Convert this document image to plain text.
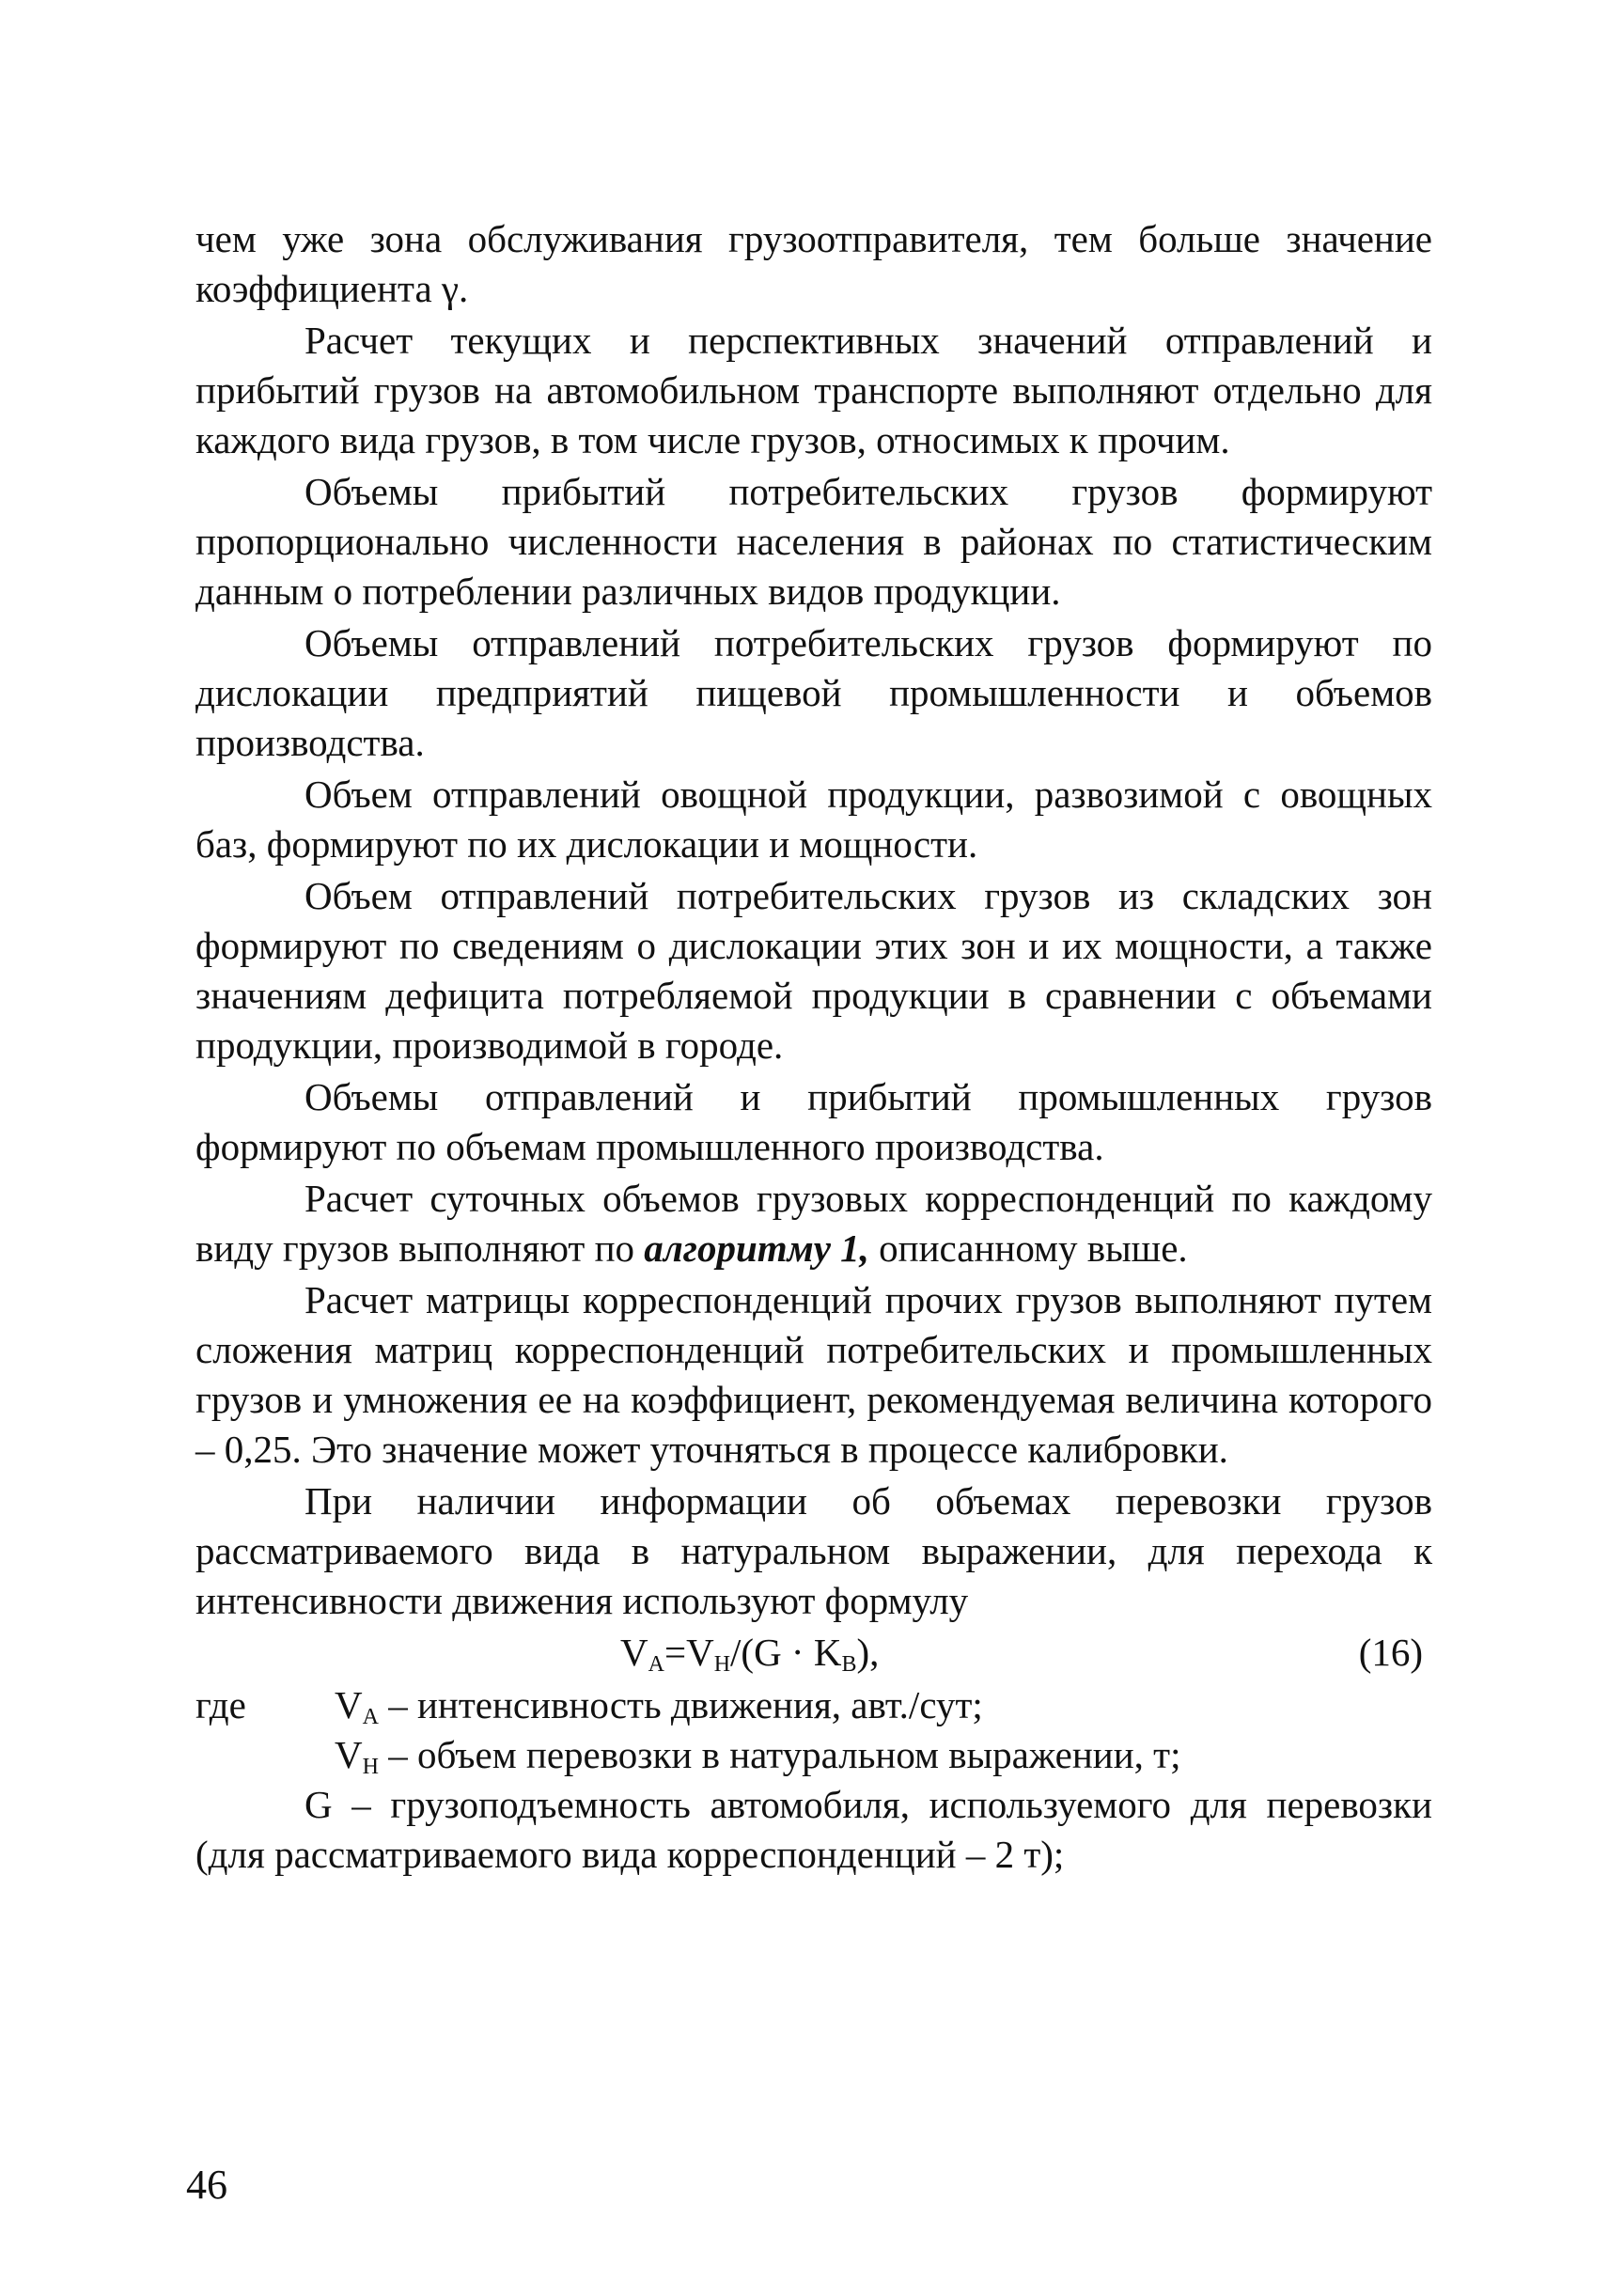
чем уже зона обслуживания грузоотправителя, тем больше значение коэффициента γ.

Расчет текущих и перспективных значений отправлений и прибытий грузов на автомобильном транспорте выполняют отдельно для каждого вида грузов, в том числе грузов, относимых к прочим.

Объемы прибытий потребительских грузов формируют пропорционально численности населения в районах по статистическим данным о потреблении различных видов продукции.

Объемы отправлений потребительских грузов формируют по дислокации предприятий пищевой промышленности и объемов производства.

Объем отправлений овощной продукции, развозимой с овощных баз, формируют по их дислокации и мощности.

Объем отправлений потребительских грузов из складских зон формируют по сведениям о дислокации этих зон и их мощности, а также значениям дефицита потребляемой продукции в сравнении с объемами продукции, производимой в городе.

Объемы отправлений и прибытий промышленных грузов формируют по объемам промышленного производства.

Расчет суточных объемов грузовых корреспонденций по каждому виду грузов выполняют по алгоритму 1, описанному выше.

Расчет матрицы корреспонденций прочих грузов выполняют путем сложения матриц корреспонденций потребительских и промышленных грузов и умножения ее на коэффициент, рекомендуемая величина которого – 0,25. Это значение может уточняться в процессе калибровки.

При наличии информации об объемах перевозки грузов рассматриваемого вида в натуральном выражении, для перехода к интенсивности движения используют формулу

$V_А=V_Н/(G \cdot K_В)$,	(16)
где $V_А$ – интенсивность движения, авт./сут;
$V_Н$ – объем перевозки в натуральном выражении, т;

G – грузоподъемность автомобиля, используемого для перевозки (для рассматриваемого вида корреспонденций – 2 т);

46
